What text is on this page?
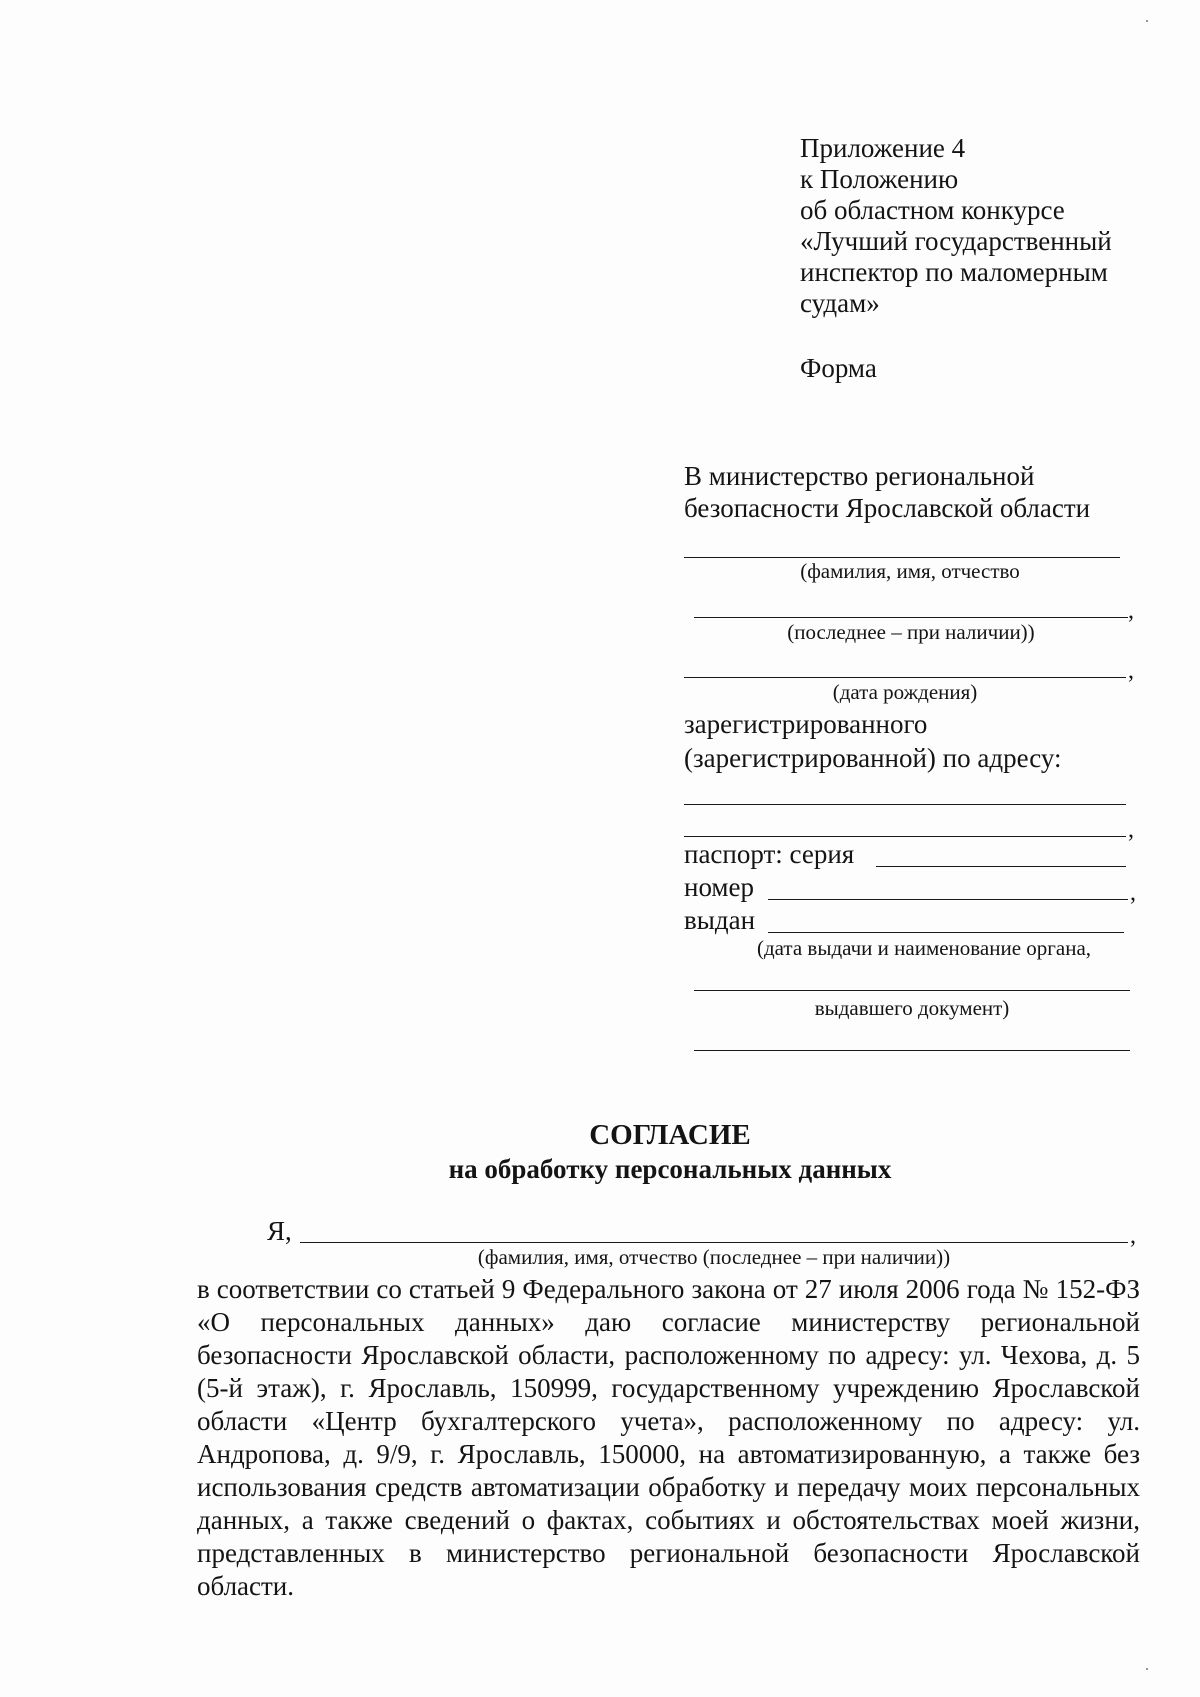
Приложение 4
к Положению
об областном конкурсе
«Лучший государственный
инспектор по маломерным
судам»
Форма
В министерство региональной
безопасности Ярославской области
(фамилия, имя, отчество
,
(последнее – при наличии))
,
(дата рождения)
зарегистрированного
(зарегистрированной) по адресу:
,
паспорт: серия
номер	,
выдан
(дата выдачи и наименование органа,
выдавшего документ)
СОГЛАСИЕ
на обработку персональных данных
Я,	,
(фамилия, имя, отчество (последнее – при наличии))
в соответствии со статьей 9 Федерального закона от 27 июля 2006 года № 152-ФЗ «О персональных данных» даю согласие министерству региональной безопасности Ярославской области, расположенному по адресу: ул. Чехова, д. 5 (5-й этаж), г. Ярославль, 150999, государственному учреждению Ярославской области «Центр бухгалтерского учета», расположенному по адресу: ул. Андропова, д. 9/9, г. Ярославль, 150000, на автоматизированную, а также без использования средств автоматизации обработку и передачу моих персональных данных, а также сведений о фактах, событиях и обстоятельствах моей жизни, представленных в министерство региональной безопасности Ярославской области.
